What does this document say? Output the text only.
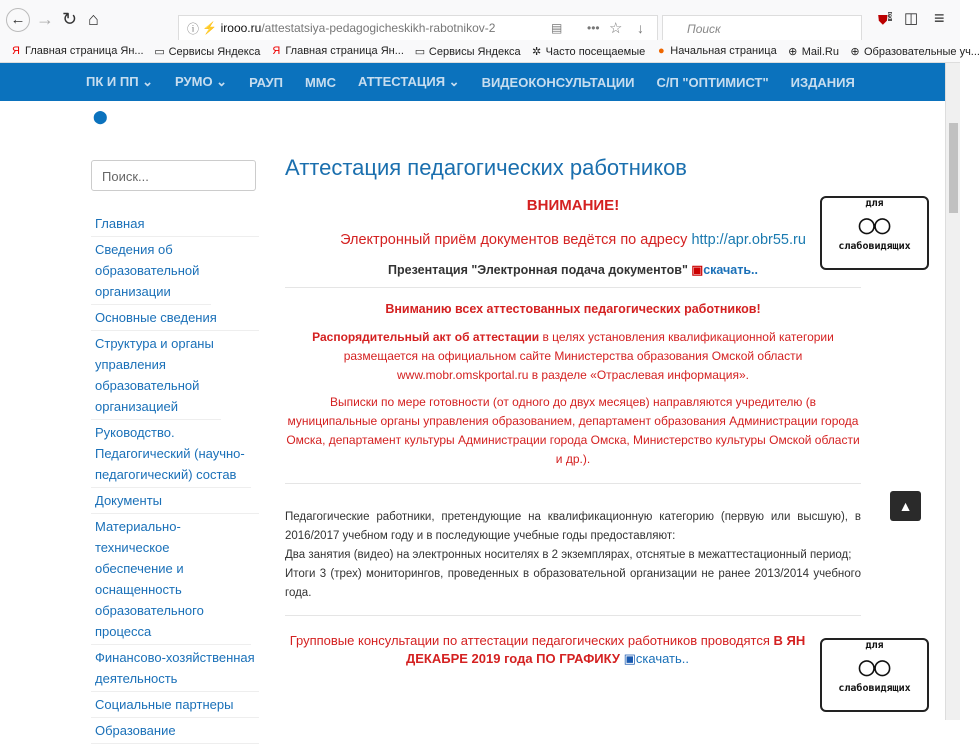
← → ↻ ⌂	ⓘ ⚡ irooo.ru /attestatsiya-pedagogicheskikh-rabotnikov-2	▤ ••• ☆ ↓	Поиск
⛊$^3$ ◫ ≡
Я Главная страница Ян... ▭ Сервисы Яндекса Я Главная страница Ян... ▭ Сервисы Яндекса ✲ Часто посещаемые ● Начальная страница ⊕ Mail.Ru ⊕ Образовательные уч...
ПК И ПП ⌄ РУМО ⌄ РАУП ММС АТТЕСТАЦИЯ ⌄ ВИДЕОКОНСУЛЬТАЦИИ С/П "ОПТИМИСТ" ИЗДАНИЯ
⬤
Поиск...
Главная
Сведения об образовательной организации
Основные сведения
Структура и органы управления образовательной организацией
Руководство. Педагогический (научно-педагогический) состав
Документы
Материально-техническое обеспечение и оснащенность образовательного процесса
Финансово-хозяйственная деятельность
Социальные партнеры
Образование
Аттестация педагогических работников

ВНИМАНИЕ!

Электронный приём документов ведётся по адресу http://apr.obr55.ru

Презентация "Электронная подача документов" ▣скачать..

Вниманию всех аттестованных педагогических работников!

Распорядительный акт об аттестации в целях установления квалификационной категории размещается на официальном сайте Министерства образования Омской области www.mobr.omskportal.ru в разделе «Отраслевая информация».

Выписки по мере готовности (от одного до двух месяцев) направляются учредителю (в муниципальные органы управления образованием, департамент образования Администрации города Омска, департамент культуры Администрации города Омска, Министерство культуры Омской области и др.).

Педагогические работники, претендующие на квалификационную категорию (первую или высшую), в 2016/2017 учебном году и в последующие учебные годы предоставляют:

Два занятия (видео) на электронных носителях в 2 экземплярах, отснятые в межаттестационный период;

Итоги 3 (трех) мониторингов, проведенных в образовательной организации не ранее 2013/2014 учебного года.

Групповые консультации по аттестации педагогических работников проводятся В ЯН

ДЕКАБРЕ 2019 года ПО ГРАФИКУ ▣скачать..

для
◯◯
слабовидящих
для
◯◯
слабовидящих
▲
